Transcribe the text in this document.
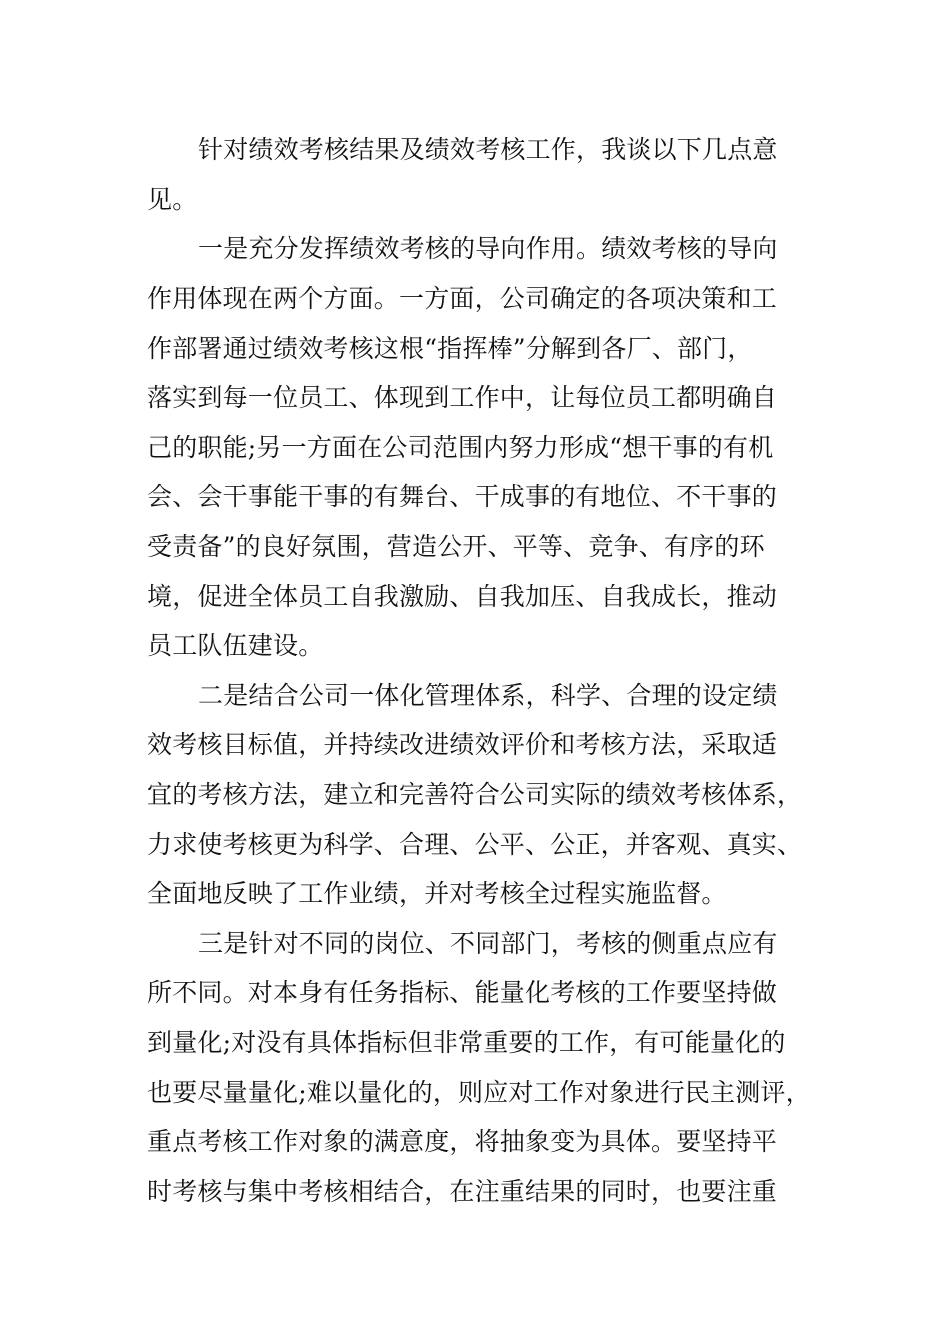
针对绩效考核结果及绩效考核工作，我谈以下几点意
见。
一是充分发挥绩效考核的导向作用。绩效考核的导向
作用体现在两个方面。一方面，公司确定的各项决策和工
作部署通过绩效考核这根“指挥棒”分解到各厂、部门，
落实到每一位员工、体现到工作中，让每位员工都明确自
己的职能;另一方面在公司范围内努力形成“想干事的有机
会、会干事能干事的有舞台、干成事的有地位、不干事的
受责备”的良好氛围，营造公开、平等、竞争、有序的环
境，促进全体员工自我激励、自我加压、自我成长，推动
员工队伍建设。
二是结合公司一体化管理体系，科学、合理的设定绩
效考核目标值，并持续改进绩效评价和考核方法，采取适
宜的考核方法，建立和完善符合公司实际的绩效考核体系，
力求使考核更为科学、合理、公平、公正，并客观、真实、
全面地反映了工作业绩，并对考核全过程实施监督。
三是针对不同的岗位、不同部门，考核的侧重点应有
所不同。对本身有任务指标、能量化考核的工作要坚持做
到量化;对没有具体指标但非常重要的工作，有可能量化的
也要尽量量化;难以量化的，则应对工作对象进行民主测评，
重点考核工作对象的满意度，将抽象变为具体。要坚持平
时考核与集中考核相结合，在注重结果的同时，也要注重
